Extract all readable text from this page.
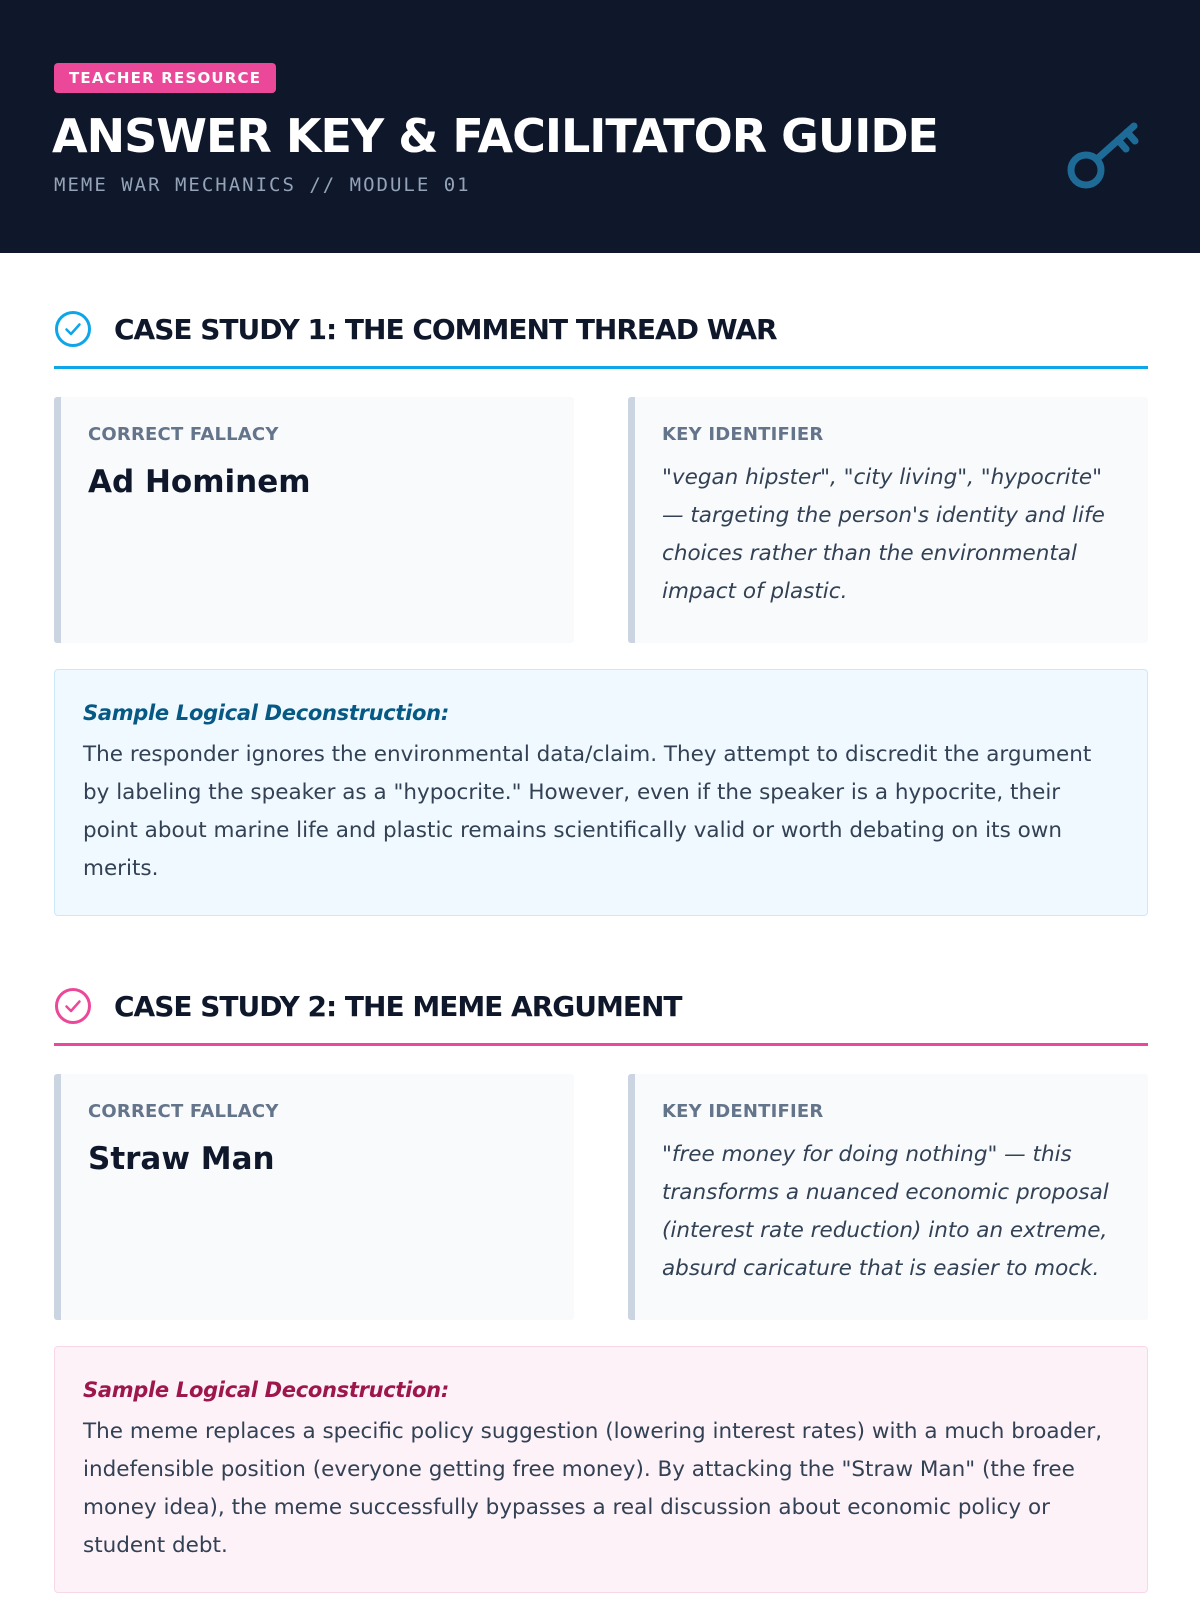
TEACHER RESOURCE
ANSWER KEY & FACILITATOR GUIDE
MEME WAR MECHANICS // MODULE 01
CASE STUDY 1: THE COMMENT THREAD WAR
CORRECT FALLACY
Ad Hominem
KEY IDENTIFIER
"vegan hipster", "city living", "hypocrite" — targeting the person's identity and life choices rather than the environmental impact of plastic.
Sample Logical Deconstruction:
The responder ignores the environmental data/claim. They attempt to discredit the argument by labeling the speaker as a "hypocrite." However, even if the speaker is a hypocrite, their point about marine life and plastic remains scientifically valid or worth debating on its own merits.
CASE STUDY 2: THE MEME ARGUMENT
CORRECT FALLACY
Straw Man
KEY IDENTIFIER
"free money for doing nothing" — this transforms a nuanced economic proposal (interest rate reduction) into an extreme, absurd caricature that is easier to mock.
Sample Logical Deconstruction:
The meme replaces a specific policy suggestion (lowering interest rates) with a much broader, indefensible position (everyone getting free money). By attacking the "Straw Man" (the free money idea), the meme successfully bypasses a real discussion about economic policy or student debt.
